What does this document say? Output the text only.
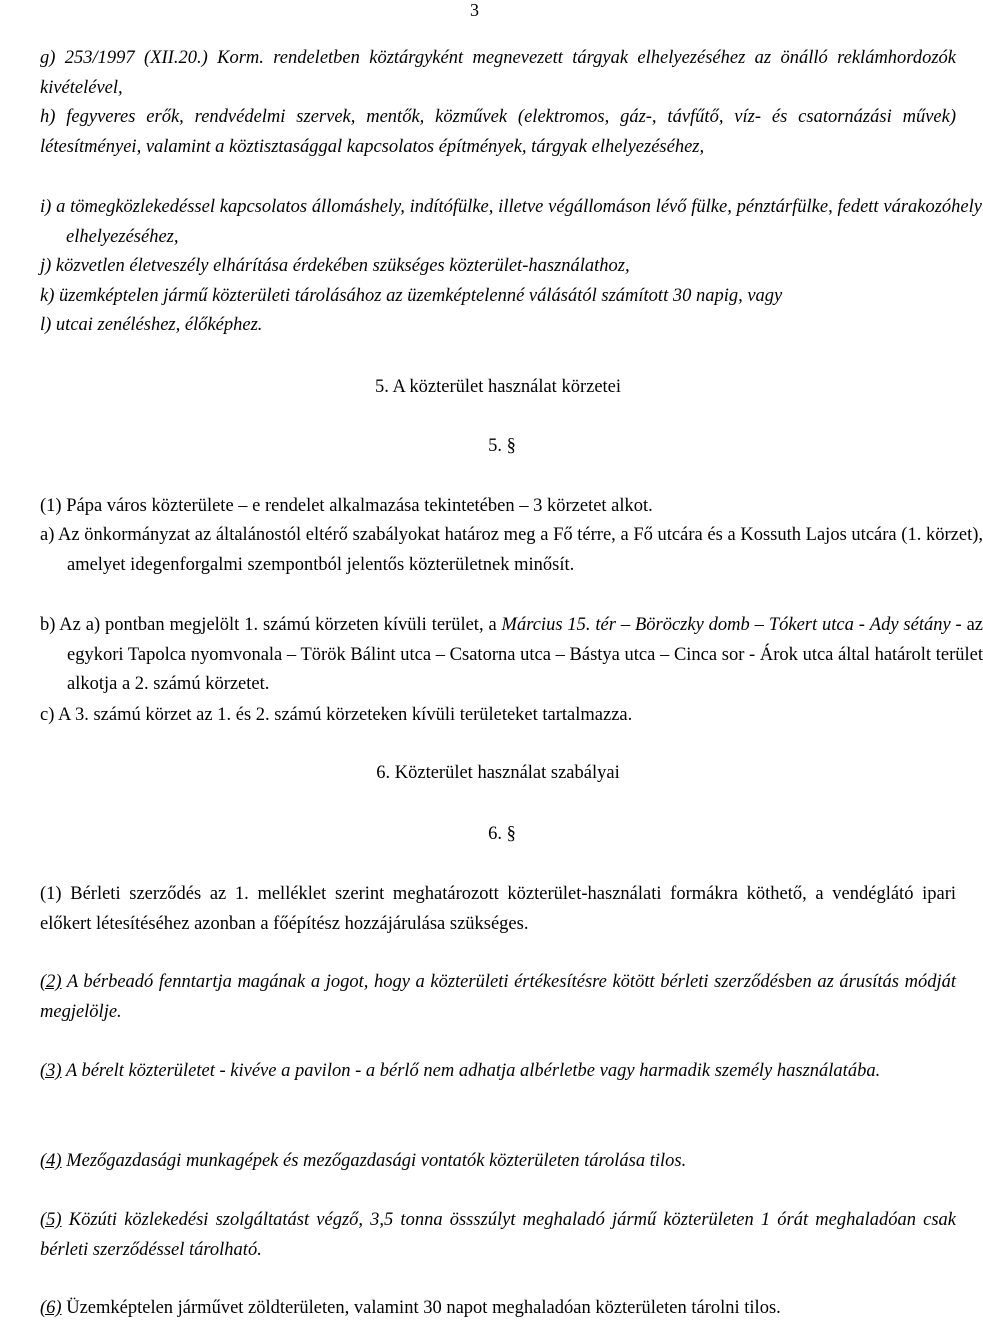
3
g) 253/1997 (XII.20.) Korm. rendeletben köztárgyként megnevezett tárgyak elhelyezéséhez az önálló reklámhordozók kivételével,
h) fegyveres erők, rendvédelmi szervek, mentők, közművek (elektromos, gáz-, távfűtő, víz- és csatornázási művek) létesítményei, valamint a köztisztasággal kapcsolatos építmények, tárgyak elhelyezéséhez,
i) a tömegközlekedéssel kapcsolatos állomáshely, indítófülke, illetve végállomáson lévő fülke, pénztárfülke, fedett várakozóhely elhelyezéséhez,
j) közvetlen életveszély elhárítása érdekében szükséges közterület-használathoz,
k) üzemképtelen jármű közterületi tárolásához az üzemképtelenné válásától számított 30 napig, vagy
l) utcai zenéléshez, élőképhez.
5. A közterület használat körzetei
5. §
(1) Pápa város közterülete – e rendelet alkalmazása tekintetében – 3 körzetet alkot.
a) Az önkormányzat az általánostól eltérő szabályokat határoz meg a Fő térre, a Fő utcára és a Kossuth Lajos utcára (1. körzet), amelyet idegenforgalmi szempontból jelentős közterületnek minősít.
b) Az a) pontban megjelölt 1. számú körzeten kívüli terület, a Március 15. tér – Böröczky domb – Tókert utca - Ady sétány - az egykori Tapolca nyomvonala – Török Bálint utca – Csatorna utca – Bástya utca – Cinca sor - Árok utca által határolt terület alkotja a 2. számú körzetet.
c) A 3. számú körzet az 1. és 2. számú körzeteken kívüli területeket tartalmazza.
6. Közterület használat szabályai
6. §
(1) Bérleti szerződés az 1. melléklet szerint meghatározott közterület-használati formákra köthető, a vendéglátó ipari előkert létesítéséhez azonban a főépítész hozzájárulása szükséges.
(2) A bérbeadó fenntartja magának a jogot, hogy a közterületi értékesítésre kötött bérleti szerződésben az árusítás módját megjelölje.
(3) A bérelt közterületet - kivéve a pavilon - a bérlő nem adhatja albérletbe vagy harmadik személy használatába.
(4) Mezőgazdasági munkagépek és mezőgazdasági vontatók közterületen tárolása tilos.
(5) Közúti közlekedési szolgáltatást végző, 3,5 tonna össszúlyt meghaladó jármű közterületen 1 órát meghaladóan csak bérleti szerződéssel tárolható.
(6) Üzemképtelen járművet zöldterületen, valamint 30 napot meghaladóan közterületen tárolni tilos.
